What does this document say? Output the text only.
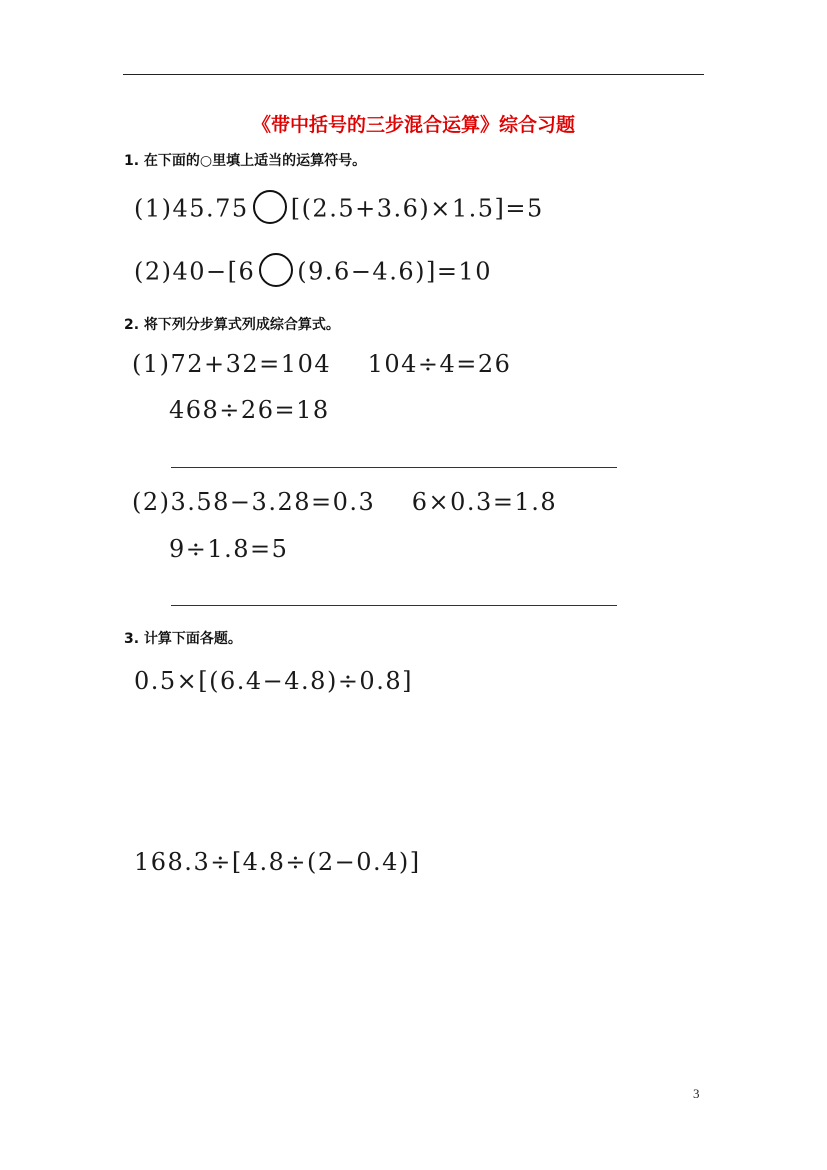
《带中括号的三步混合运算》综合习题
1. 在下面的○里填上适当的运算符号。
(1)45.75 [(2.5+3.6)×1.5]=5
(2)40−[6 (9.6−4.6)]=10
2. 将下列分步算式列成综合算式。
(1)72+32=104    104÷4=26
468÷26=18
(2)3.58−3.28=0.3    6×0.3=1.8
9÷1.8=5
3. 计算下面各题。
0.5×[(6.4−4.8)÷0.8]
168.3÷[4.8÷(2−0.4)]
3
